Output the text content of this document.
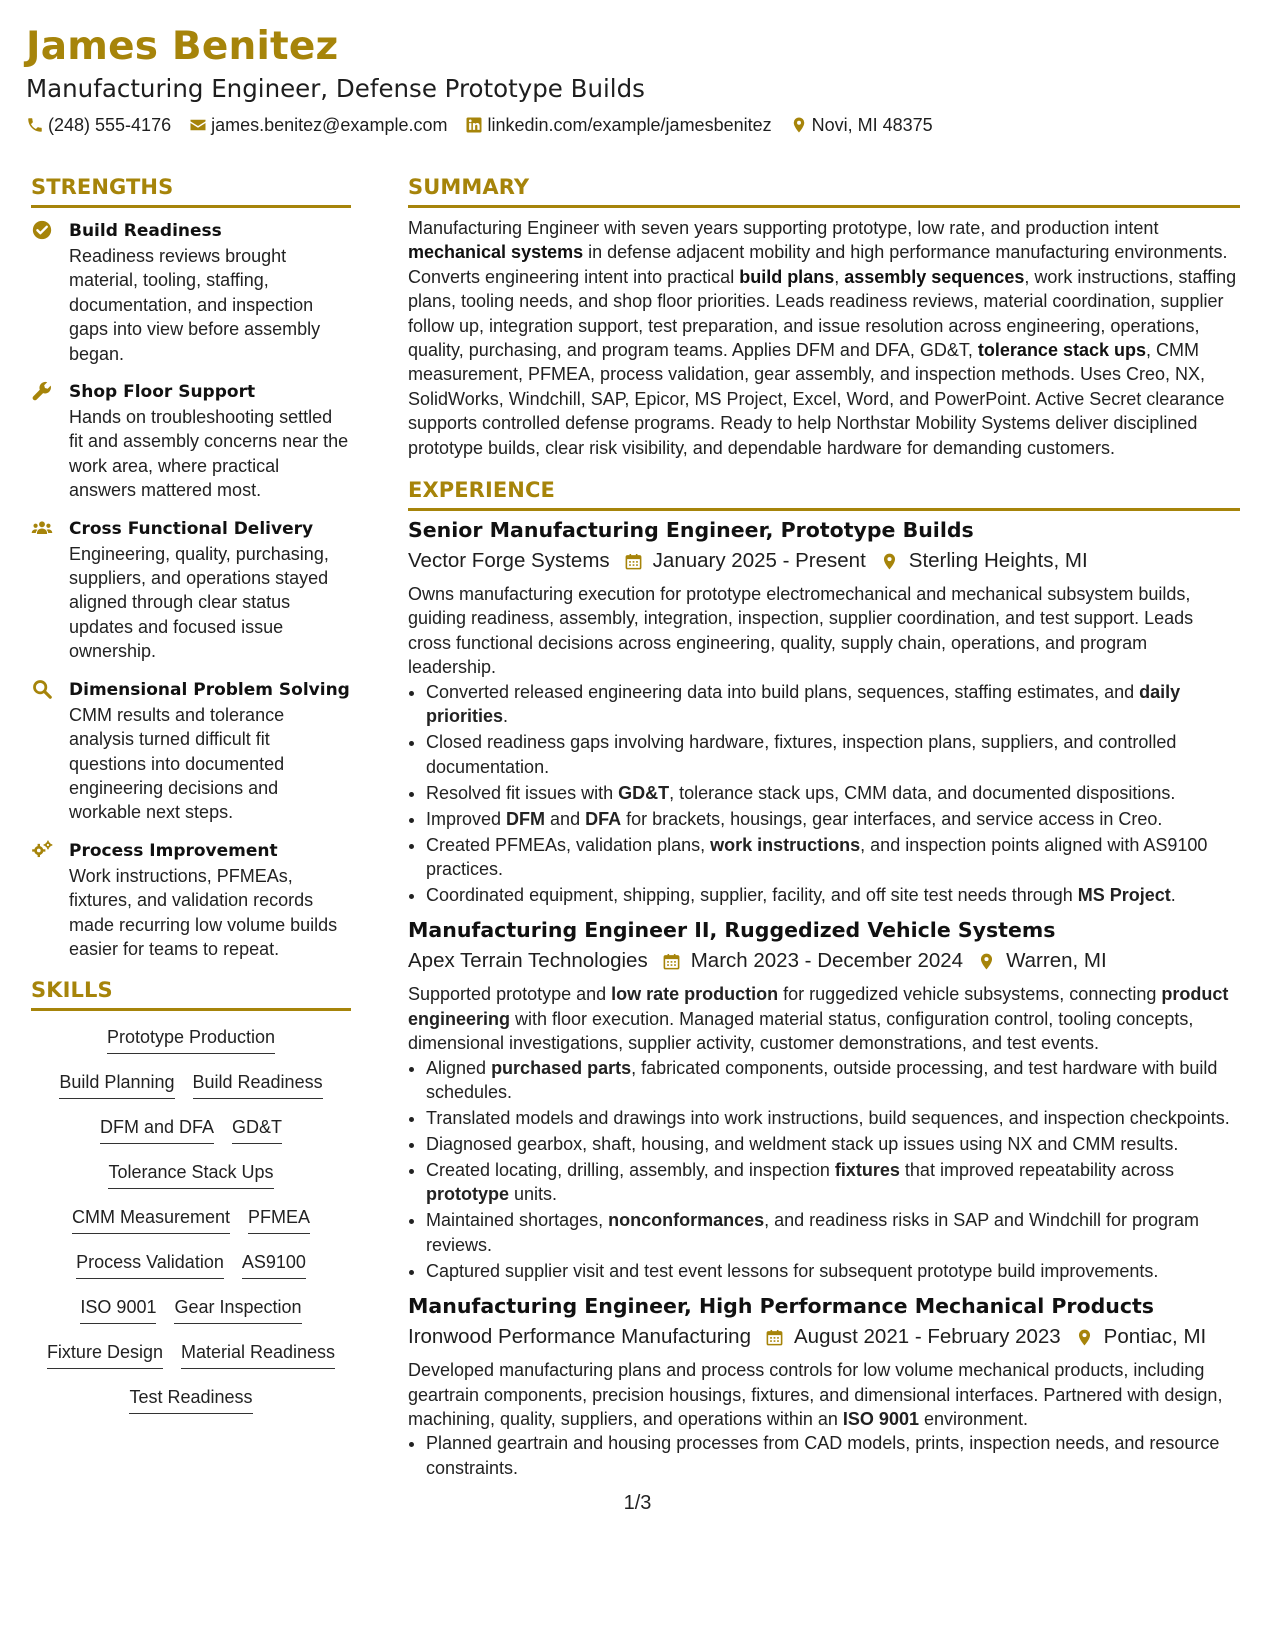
James Benitez
Manufacturing Engineer, Defense Prototype Builds
(248) 555-4176 james.benitez@example.com linkedin.com/example/jamesbenitez Novi, MI 48375
STRENGTHS
Build Readiness
Readiness reviews brought material, tooling, staffing, documentation, and inspection gaps into view before assembly began.
Shop Floor Support
Hands on troubleshooting settled fit and assembly concerns near the work area, where practical answers mattered most.
Cross Functional Delivery
Engineering, quality, purchasing, suppliers, and operations stayed aligned through clear status updates and focused issue ownership.
Dimensional Problem Solving
CMM results and tolerance analysis turned difficult fit questions into documented engineering decisions and workable next steps.
Process Improvement
Work instructions, PFMEAs, fixtures, and validation records made recurring low volume builds easier for teams to repeat.
SKILLS
Prototype Production
Build Planning Build Readiness
DFM and DFA GD&T
Tolerance Stack Ups
CMM Measurement PFMEA
Process Validation AS9100
ISO 9001 Gear Inspection
Fixture Design Material Readiness
Test Readiness
SUMMARY
Manufacturing Engineer with seven years supporting prototype, low rate, and production intent mechanical systems in defense adjacent mobility and high performance manufacturing environments. Converts engineering intent into practical build plans, assembly sequences, work instructions, staffing plans, tooling needs, and shop floor priorities. Leads readiness reviews, material coordination, supplier follow up, integration support, test preparation, and issue resolution across engineering, operations, quality, purchasing, and program teams. Applies DFM and DFA, GD&T, tolerance stack ups, CMM measurement, PFMEA, process validation, gear assembly, and inspection methods. Uses Creo, NX, SolidWorks, Windchill, SAP, Epicor, MS Project, Excel, Word, and PowerPoint. Active Secret clearance supports controlled defense programs. Ready to help Northstar Mobility Systems deliver disciplined prototype builds, clear risk visibility, and dependable hardware for demanding customers.
EXPERIENCE
Senior Manufacturing Engineer, Prototype Builds
Vector Forge Systems January 2025 - Present Sterling Heights, MI
Owns manufacturing execution for prototype electromechanical and mechanical subsystem builds, guiding readiness, assembly, integration, inspection, supplier coordination, and test support. Leads cross functional decisions across engineering, quality, supply chain, operations, and program leadership.
• Converted released engineering data into build plans, sequences, staffing estimates, and daily priorities.
• Closed readiness gaps involving hardware, fixtures, inspection plans, suppliers, and controlled documentation.
• Resolved fit issues with GD&T, tolerance stack ups, CMM data, and documented dispositions.
• Improved DFM and DFA for brackets, housings, gear interfaces, and service access in Creo.
• Created PFMEAs, validation plans, work instructions, and inspection points aligned with AS9100 practices.
• Coordinated equipment, shipping, supplier, facility, and off site test needs through MS Project.
Manufacturing Engineer II, Ruggedized Vehicle Systems
Apex Terrain Technologies March 2023 - December 2024 Warren, MI
Supported prototype and low rate production for ruggedized vehicle subsystems, connecting product engineering with floor execution. Managed material status, configuration control, tooling concepts, dimensional investigations, supplier activity, customer demonstrations, and test events.
• Aligned purchased parts, fabricated components, outside processing, and test hardware with build schedules.
• Translated models and drawings into work instructions, build sequences, and inspection checkpoints.
• Diagnosed gearbox, shaft, housing, and weldment stack up issues using NX and CMM results.
• Created locating, drilling, assembly, and inspection fixtures that improved repeatability across prototype units.
• Maintained shortages, nonconformances, and readiness risks in SAP and Windchill for program reviews.
• Captured supplier visit and test event lessons for subsequent prototype build improvements.
Manufacturing Engineer, High Performance Mechanical Products
Ironwood Performance Manufacturing August 2021 - February 2023 Pontiac, MI
Developed manufacturing plans and process controls for low volume mechanical products, including geartrain components, precision housings, fixtures, and dimensional interfaces. Partnered with design, machining, quality, suppliers, and operations within an ISO 9001 environment.
• Planned geartrain and housing processes from CAD models, prints, inspection needs, and resource constraints.
1/3
